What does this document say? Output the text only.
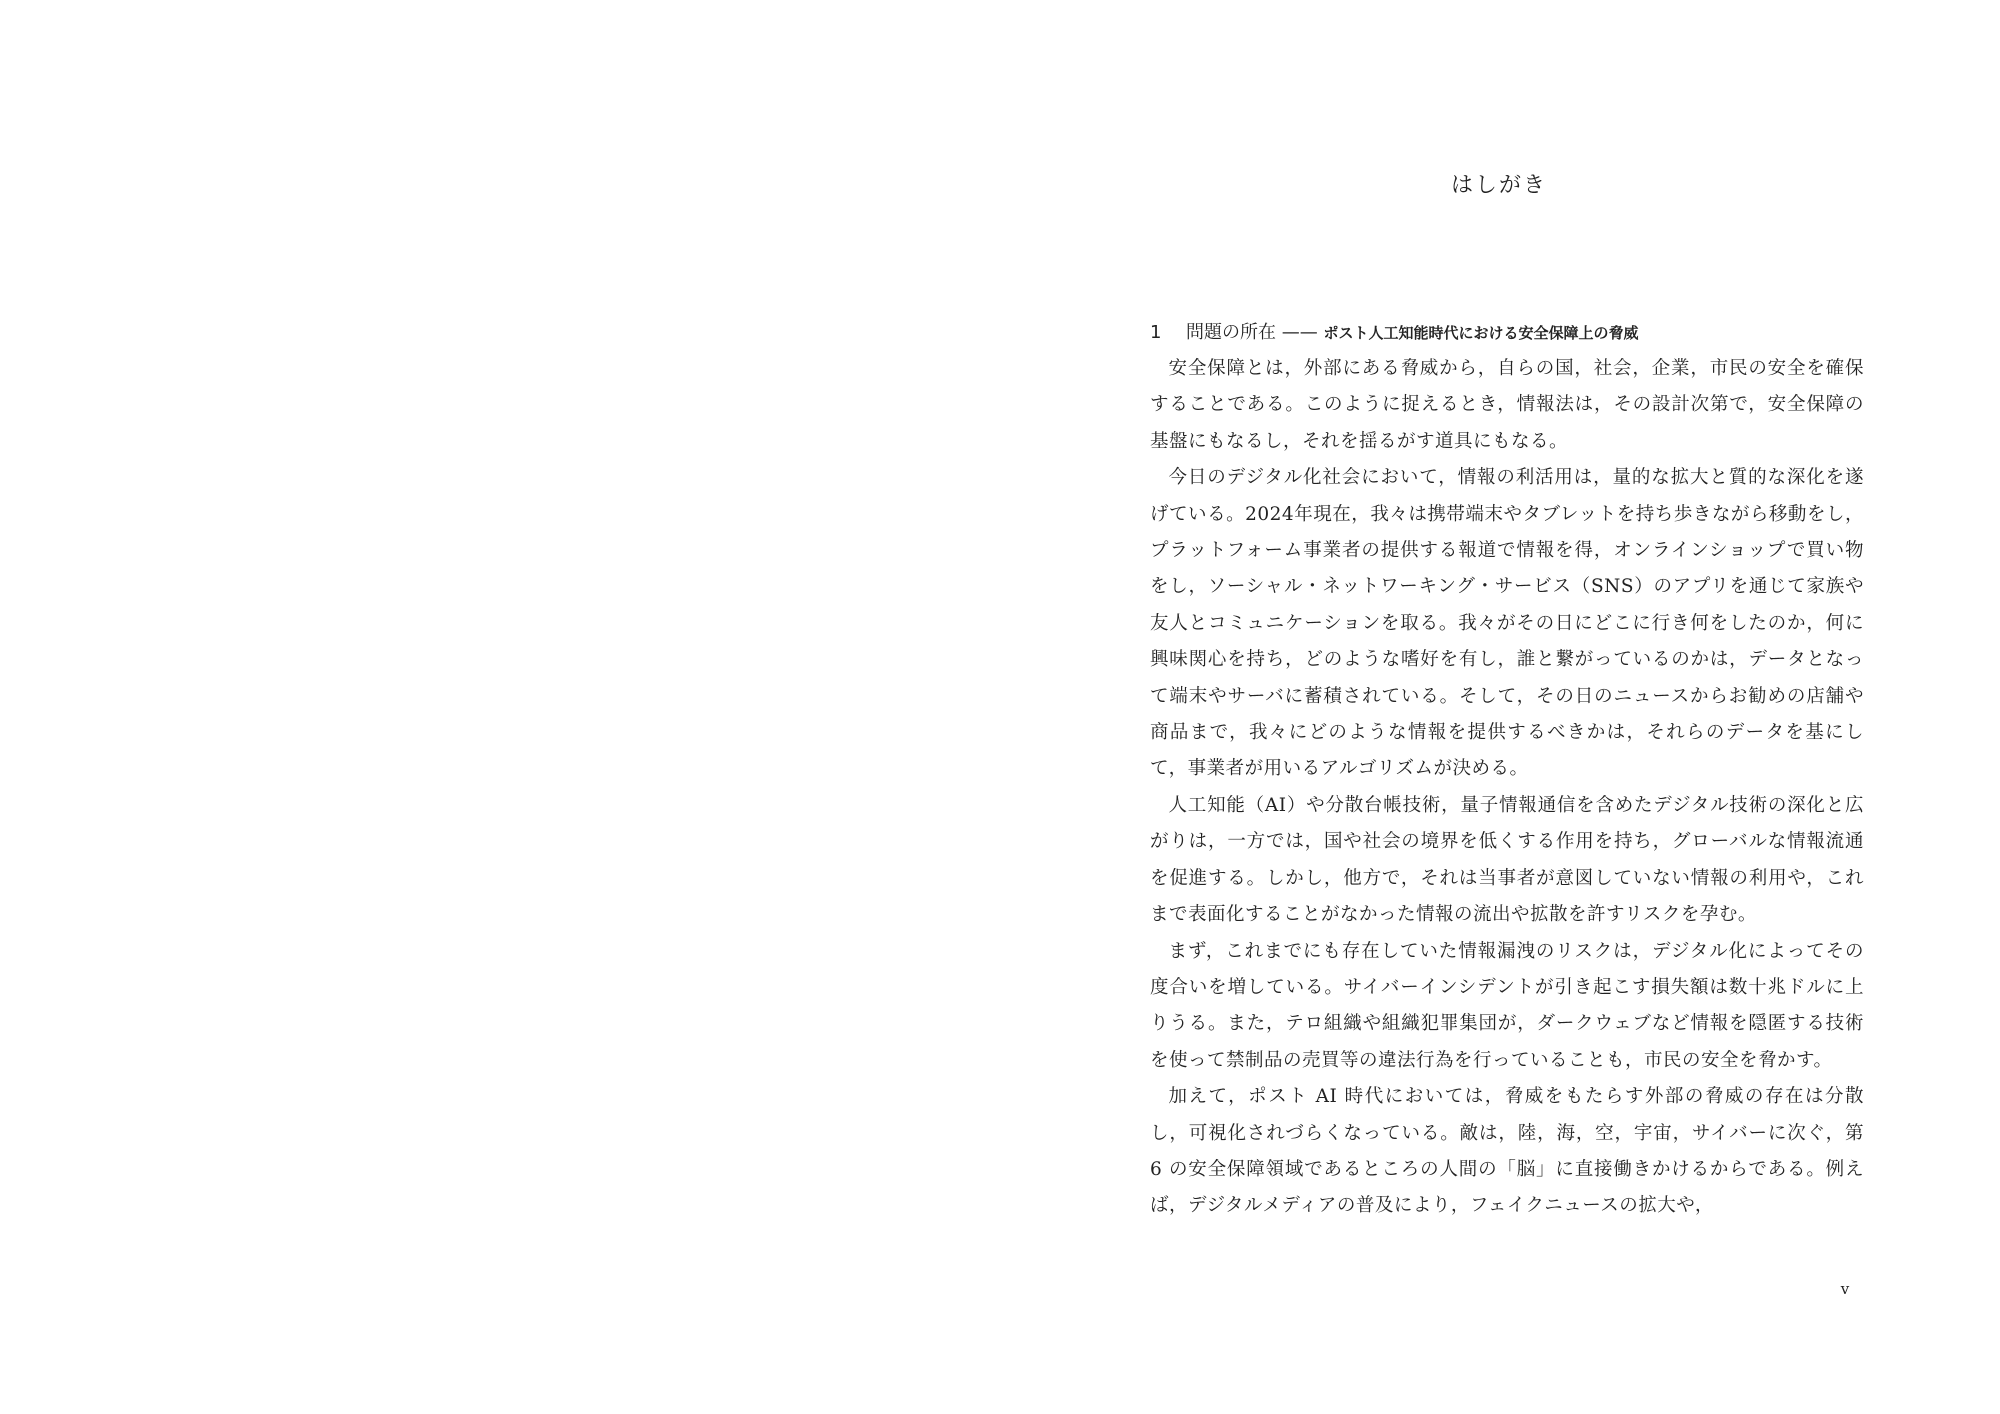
はしがき
1 問題の所在 —— ポスト人工知能時代における安全保障上の脅威

安全保障とは，外部にある脅威から，自らの国，社会，企業，市民の安全を確保することである。このように捉えるとき，情報法は，その設計次第で，安全保障の基盤にもなるし，それを揺るがす道具にもなる。

今日のデジタル化社会において，情報の利活用は，量的な拡大と質的な深化を遂げている。2024年現在，我々は携帯端末やタブレットを持ち歩きながら移動をし，プラットフォーム事業者の提供する報道で情報を得，オンラインショップで買い物をし，ソーシャル・ネットワーキング・サービス（SNS）のアプリを通じて家族や友人とコミュニケーションを取る。我々がその日にどこに行き何をしたのか，何に興味関心を持ち，どのような嗜好を有し，誰と繋がっているのかは，データとなって端末やサーバに蓄積されている。そして，その日のニュースからお勧めの店舗や商品まで，我々にどのような情報を提供するべきかは，それらのデータを基にして，事業者が用いるアルゴリズムが決める。

人工知能（AI）や分散台帳技術，量子情報通信を含めたデジタル技術の深化と広がりは，一方では，国や社会の境界を低くする作用を持ち，グローバルな情報流通を促進する。しかし，他方で，それは当事者が意図していない情報の利用や，これまで表面化することがなかった情報の流出や拡散を許すリスクを孕む。

まず，これまでにも存在していた情報漏洩のリスクは，デジタル化によってその度合いを増している。サイバーインシデントが引き起こす損失額は数十兆ドルに上りうる。また，テロ組織や組織犯罪集団が，ダークウェブなど情報を隠匿する技術を使って禁制品の売買等の違法行為を行っていることも，市民の安全を脅かす。

加えて，ポスト AI 時代においては，脅威をもたらす外部の脅威の存在は分散し，可視化されづらくなっている。敵は，陸，海，空，宇宙，サイバーに次ぐ，第 6 の安全保障領域であるところの人間の「脳」に直接働きかけるからである。例えば，デジタルメディアの普及により，フェイクニュースの拡大や，

v
